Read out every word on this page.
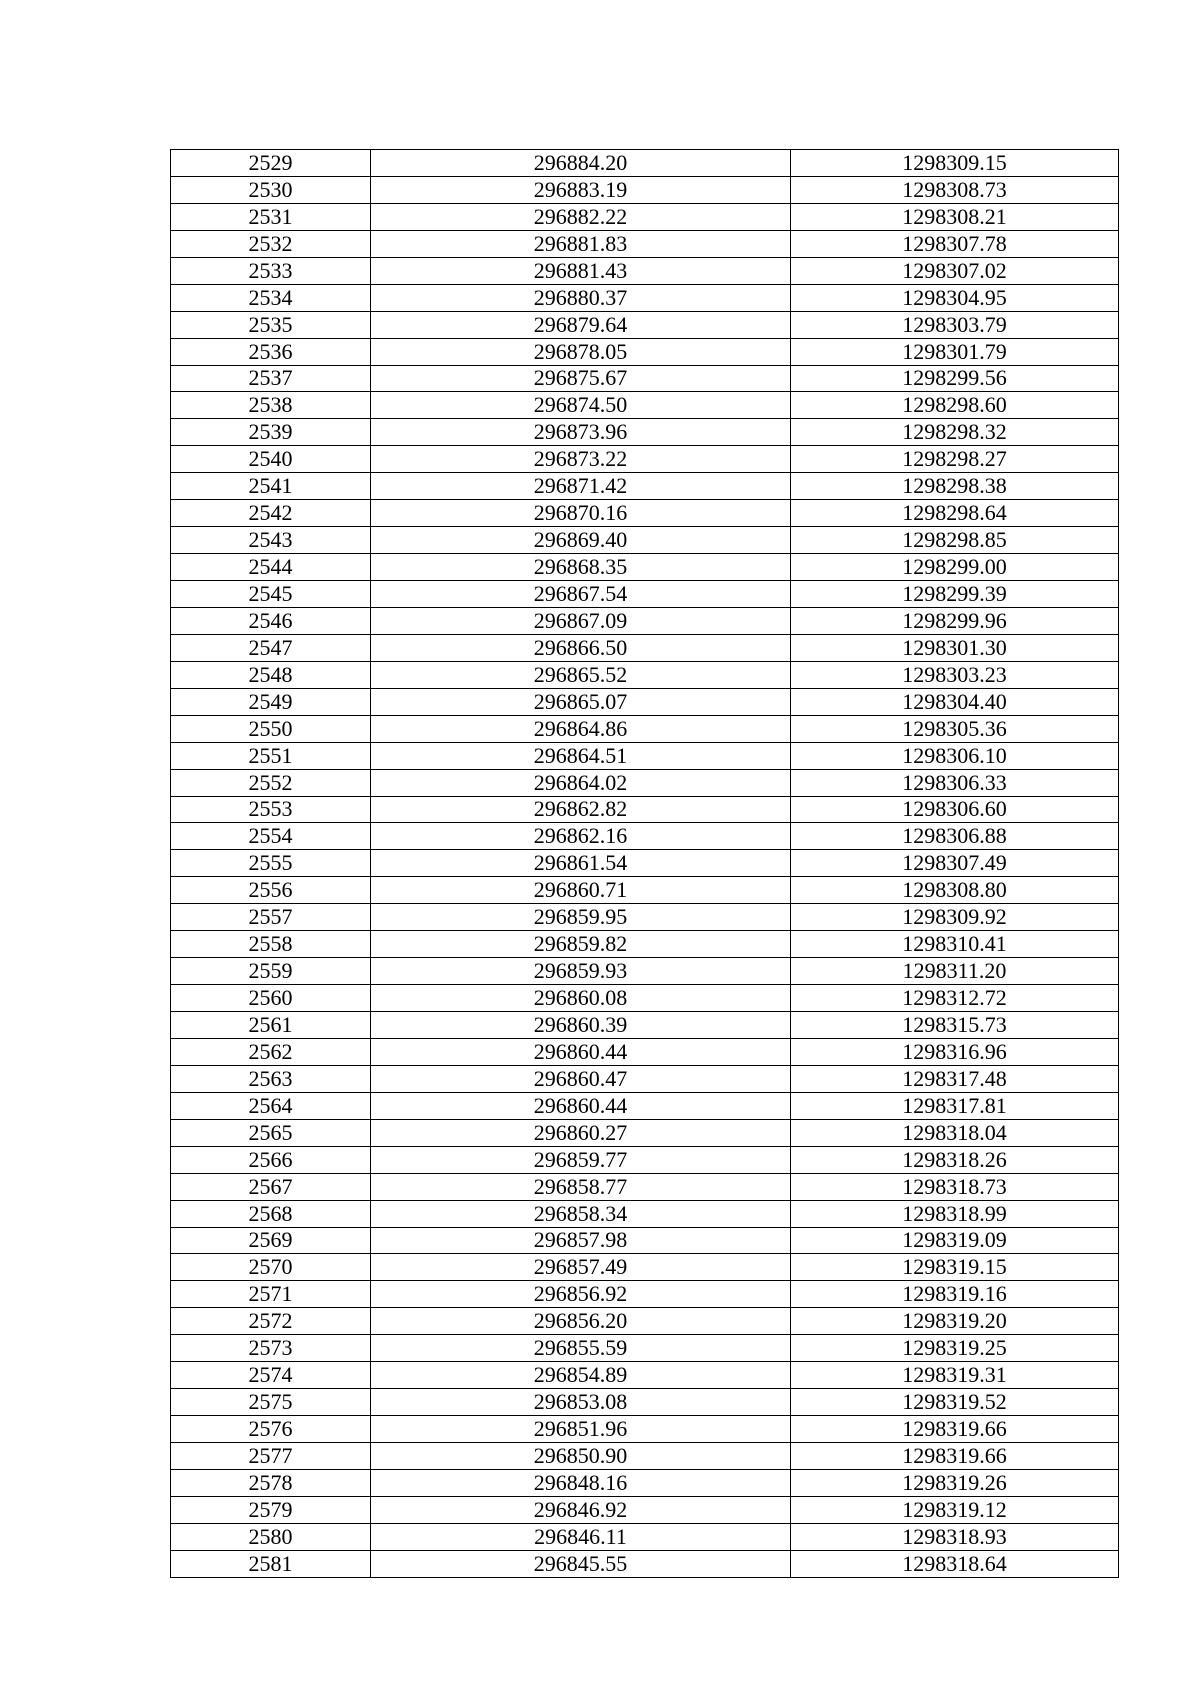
2529	296884.20	1298309.15
2530	296883.19	1298308.73
2531	296882.22	1298308.21
2532	296881.83	1298307.78
2533	296881.43	1298307.02
2534	296880.37	1298304.95
2535	296879.64	1298303.79
2536	296878.05	1298301.79
2537	296875.67	1298299.56
2538	296874.50	1298298.60
2539	296873.96	1298298.32
2540	296873.22	1298298.27
2541	296871.42	1298298.38
2542	296870.16	1298298.64
2543	296869.40	1298298.85
2544	296868.35	1298299.00
2545	296867.54	1298299.39
2546	296867.09	1298299.96
2547	296866.50	1298301.30
2548	296865.52	1298303.23
2549	296865.07	1298304.40
2550	296864.86	1298305.36
2551	296864.51	1298306.10
2552	296864.02	1298306.33
2553	296862.82	1298306.60
2554	296862.16	1298306.88
2555	296861.54	1298307.49
2556	296860.71	1298308.80
2557	296859.95	1298309.92
2558	296859.82	1298310.41
2559	296859.93	1298311.20
2560	296860.08	1298312.72
2561	296860.39	1298315.73
2562	296860.44	1298316.96
2563	296860.47	1298317.48
2564	296860.44	1298317.81
2565	296860.27	1298318.04
2566	296859.77	1298318.26
2567	296858.77	1298318.73
2568	296858.34	1298318.99
2569	296857.98	1298319.09
2570	296857.49	1298319.15
2571	296856.92	1298319.16
2572	296856.20	1298319.20
2573	296855.59	1298319.25
2574	296854.89	1298319.31
2575	296853.08	1298319.52
2576	296851.96	1298319.66
2577	296850.90	1298319.66
2578	296848.16	1298319.26
2579	296846.92	1298319.12
2580	296846.11	1298318.93
2581	296845.55	1298318.64
